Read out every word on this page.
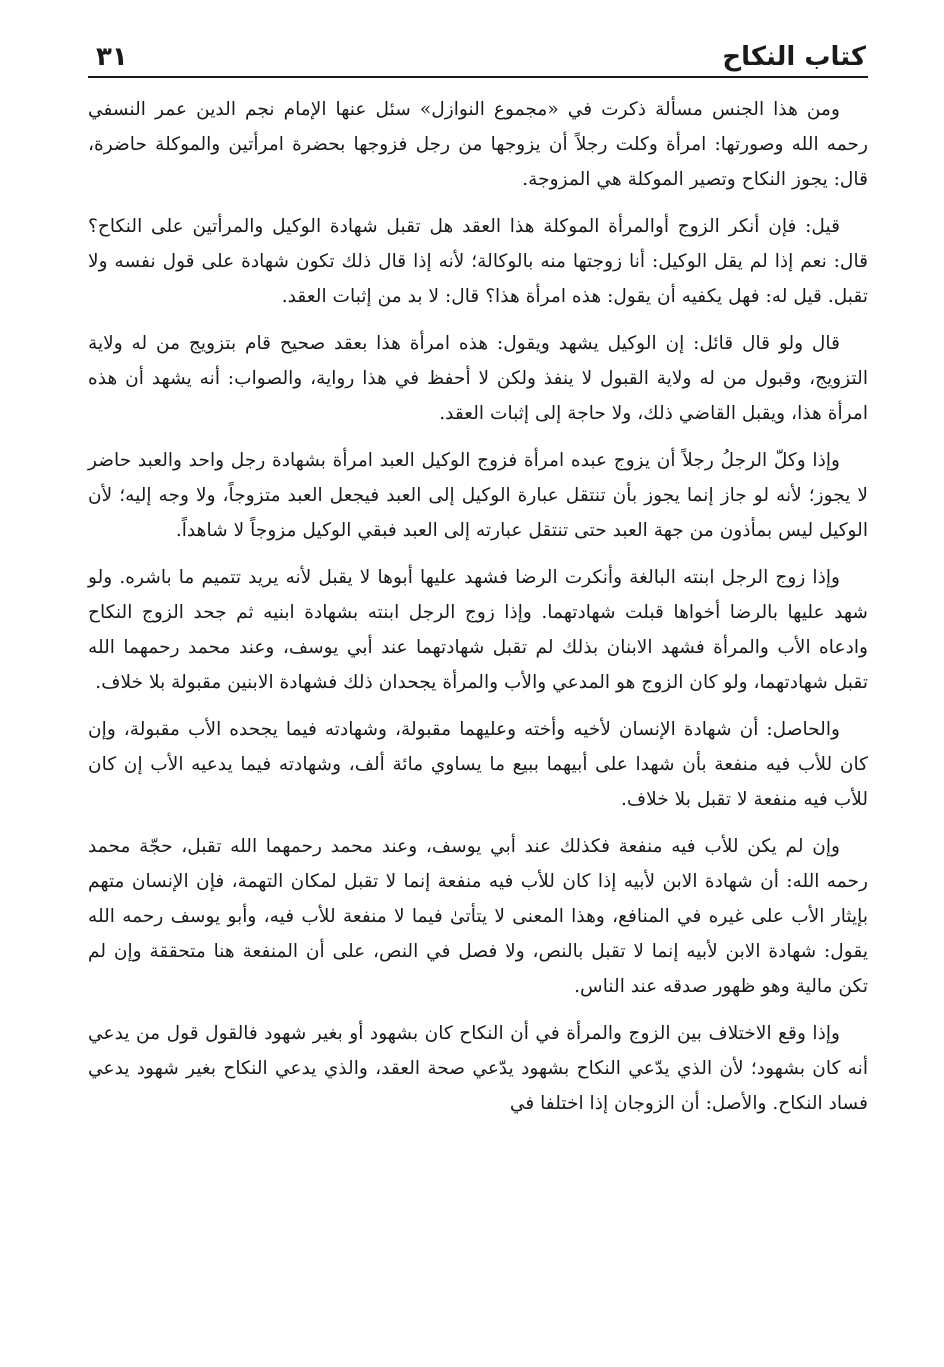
كتاب النكاح
٣١

ومن هذا الجنس مسألة ذكرت في «مجموع النوازل» سئل عنها الإمام نجم الدين عمر النسفي رحمه الله وصورتها: امرأة وكلت رجلاً أن يزوجها من رجل فزوجها بحضرة امرأتين والموكلة حاضرة، قال: يجوز النكاح وتصير الموكلة هي المزوجة.

قيل: فإن أنكر الزوج أوالمرأة الموكلة هذا العقد هل تقبل شهادة الوكيل والمرأتين على النكاح؟ قال: نعم إذا لم يقل الوكيل: أنا زوجتها منه بالوكالة؛ لأنه إذا قال ذلك تكون شهادة على قول نفسه ولا تقبل. قيل له: فهل يكفيه أن يقول: هذه امرأة هذا؟ قال: لا بد من إثبات العقد.

قال ولو قال قائل: إن الوكيل يشهد ويقول: هذه امرأة هذا بعقد صحيح قام بتزويج من له ولاية التزويج، وقبول من له ولاية القبول لا ينفذ ولكن لا أحفظ في هذا رواية، والصواب: أنه يشهد أن هذه امرأة هذا، ويقبل القاضي ذلك، ولا حاجة إلى إثبات العقد.

وإذا وكلّ الرجلُ رجلاً أن يزوج عبده امرأة فزوج الوكيل العبد امرأة بشهادة رجل واحد والعبد حاضر لا يجوز؛ لأنه لو جاز إنما يجوز بأن تنتقل عبارة الوكيل إلى العبد فيجعل العبد متزوجاً، ولا وجه إليه؛ لأن الوكيل ليس بمأذون من جهة العبد حتى تنتقل عبارته إلى العبد فبقي الوكيل مزوجاً لا شاهداً.

وإذا زوج الرجل ابنته البالغة وأنكرت الرضا فشهد عليها أبوها لا يقبل لأنه يريد تتميم ما باشره. ولو شهد عليها بالرضا أخواها قبلت شهادتهما. وإذا زوج الرجل ابنته بشهادة ابنيه ثم جحد الزوج النكاح وادعاه الأب والمرأة فشهد الابنان بذلك لم تقبل شهادتهما عند أبي يوسف، وعند محمد رحمهما الله تقبل شهادتهما، ولو كان الزوج هو المدعي والأب والمرأة يجحدان ذلك فشهادة الابنين مقبولة بلا خلاف.

والحاصل: أن شهادة الإنسان لأخيه وأخته وعليهما مقبولة، وشهادته فيما يجحده الأب مقبولة، وإن كان للأب فيه منفعة بأن شهدا على أبيهما ببيع ما يساوي مائة ألف، وشهادته فيما يدعيه الأب إن كان للأب فيه منفعة لا تقبل بلا خلاف.

وإن لم يكن للأب فيه منفعة فكذلك عند أبي يوسف، وعند محمد رحمهما الله تقبل، حجّة محمد رحمه الله: أن شهادة الابن لأبيه إذا كان للأب فيه منفعة إنما لا تقبل لمكان التهمة، فإن الإنسان متهم بإيثار الأب على غيره في المنافع، وهذا المعنى لا يتأتىٰ فيما لا منفعة للأب فيه، وأبو يوسف رحمه الله يقول: شهادة الابن لأبيه إنما لا تقبل بالنص، ولا فصل في النص، على أن المنفعة هنا متحققة وإن لم تكن مالية وهو ظهور صدقه عند الناس.

وإذا وقع الاختلاف بين الزوج والمرأة في أن النكاح كان بشهود أو بغير شهود فالقول قول من يدعي أنه كان بشهود؛ لأن الذي يدّعي النكاح بشهود يدّعي صحة العقد، والذي يدعي النكاح بغير شهود يدعي فساد النكاح. والأصل: أن الزوجان إذا اختلفا في
